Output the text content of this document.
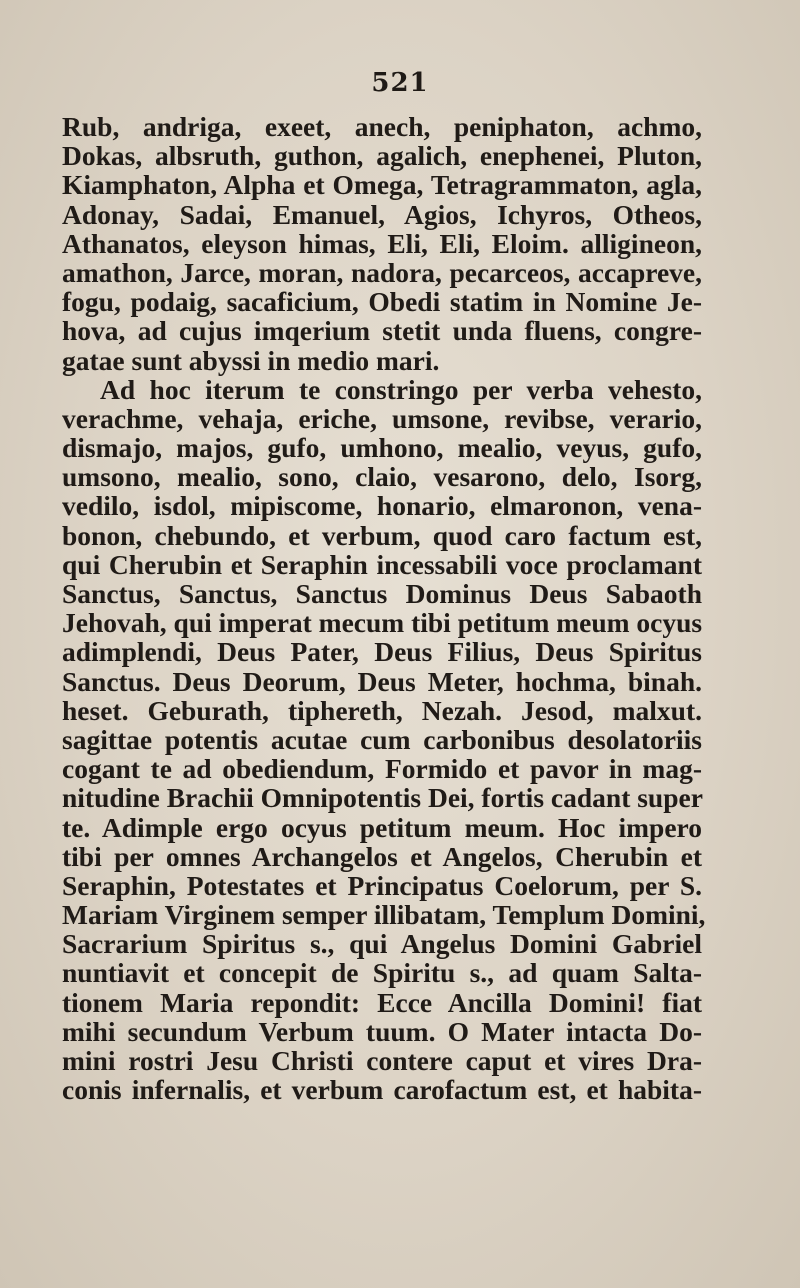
521
Rub, andriga, exeet, anech, peniphaton, achmo,
Dokas, albsruth, guthon, agalich, enephenei, Pluton,
Kiamphaton, Alpha et Omega, Tetragrammaton, agla,
Adonay, Sadai, Emanuel, Agios, Ichyros, Otheos,
Athanatos, eleyson himas, Eli, Eli, Eloim. alligineon,
amathon, Jarce, moran, nadora, pecarceos, accapreve,
fogu, podaig, sacaficium, Obedi statim in Nomine Je-
hova, ad cujus imqerium stetit unda fluens, congre-
gatae sunt abyssi in medio mari.
Ad hoc iterum te constringo per verba vehesto,
verachme, vehaja, eriche, umsone, revibse, verario,
dismajo, majos, gufo, umhono, mealio, veyus, gufo,
umsono, mealio, sono, claio, vesarono, delo, Isorg,
vedilo, isdol, mipiscome, honario, elmaronon, vena-
bonon, chebundo, et verbum, quod caro factum est,
qui Cherubin et Seraphin incessabili voce proclamant
Sanctus, Sanctus, Sanctus Dominus Deus Sabaoth
Jehovah, qui imperat mecum tibi petitum meum ocyus
adimplendi, Deus Pater, Deus Filius, Deus Spiritus
Sanctus. Deus Deorum, Deus Meter, hochma, binah.
heset. Geburath, tiphereth, Nezah. Jesod, malxut.
sagittae potentis acutae cum carbonibus desolatoriis
cogant te ad obediendum, Formido et pavor in mag-
nitudine Brachii Omnipotentis Dei, fortis cadant super
te. Adimple ergo ocyus petitum meum. Hoc impero
tibi per omnes Archangelos et Angelos, Cherubin et
Seraphin, Potestates et Principatus Coelorum, per S.
Mariam Virginem semper illibatam, Templum Domini,
Sacrarium Spiritus s., qui Angelus Domini Gabriel
nuntiavit et concepit de Spiritu s., ad quam Salta-
tionem Maria repondit: Ecce Ancilla Domini! fiat
mihi secundum Verbum tuum. O Mater intacta Do-
mini rostri Jesu Christi contere caput et vires Dra-
conis infernalis, et verbum carofactum est, et habita-
